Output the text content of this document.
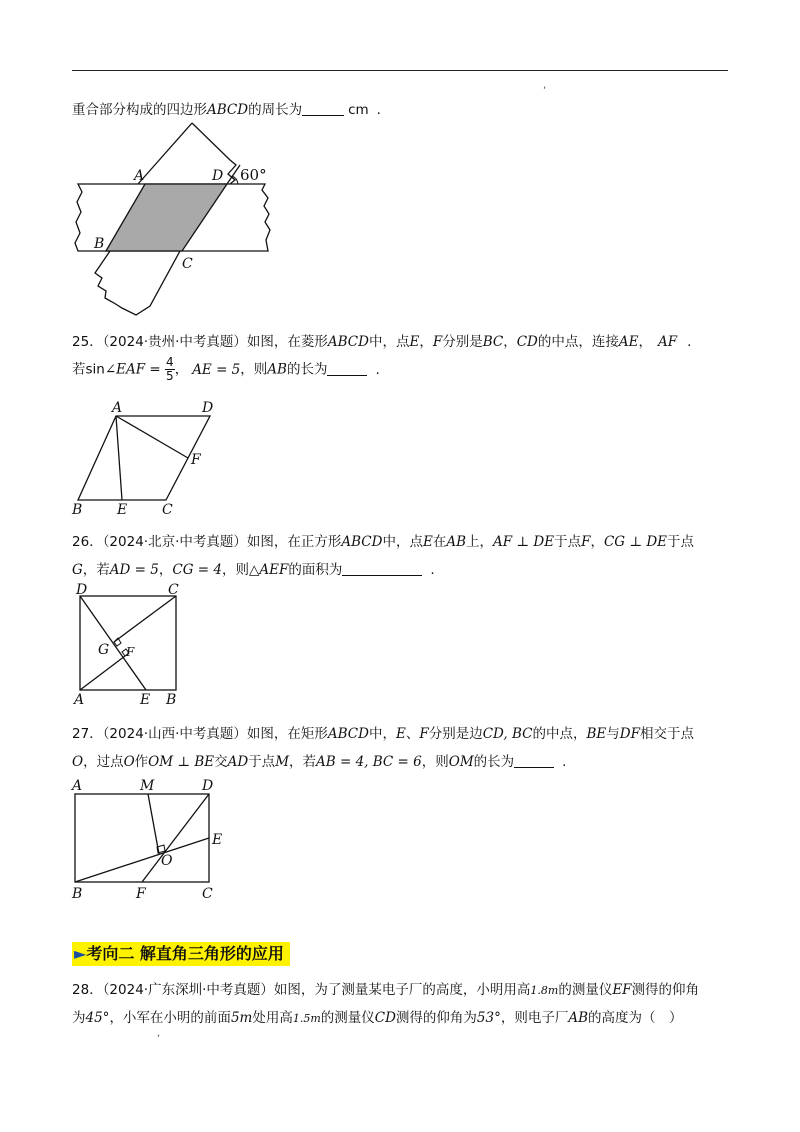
,
重合部分构成的四边形ABCD的周长为	cm .
60°
A	D
B
C
25．（2024·贵州·中考真题）如图，在菱形ABCD中，点E，F分别是BC，CD的中点，连接AE， AF .
若sin∠EAF = $\frac{4}{5}$ ， AE = 5，则AB的长为	.
A	D
F
B E C
26．（2024·北京·中考真题）如图，在正方形ABCD中，点E在AB上，AF ⊥ DE于点F，CG ⊥ DE于点
G，若AD = 5，CG = 4，则△AEF的面积为	.
D	C
G F
A	E B
27．（2024·山西·中考真题）如图，在矩形ABCD中，E、F分别是边CD, BC的中点，BE与DF相交于点
O，过点O作OM ⊥ BE交AD于点M，若AB = 4, BC = 6，则OM的长为	.
A	M	D
E
O
B	F	C
►考向二 解直角三角形的应用
28．（2024·广东深圳·中考真题）如图，为了测量某电子厂的高度，小明用高1.8m的测量仪EF测得的仰角
为45°，小军在小明的前面5m处用高1.5m的测量仪CD测得的仰角为53°，则电子厂AB的高度为（　）
,
